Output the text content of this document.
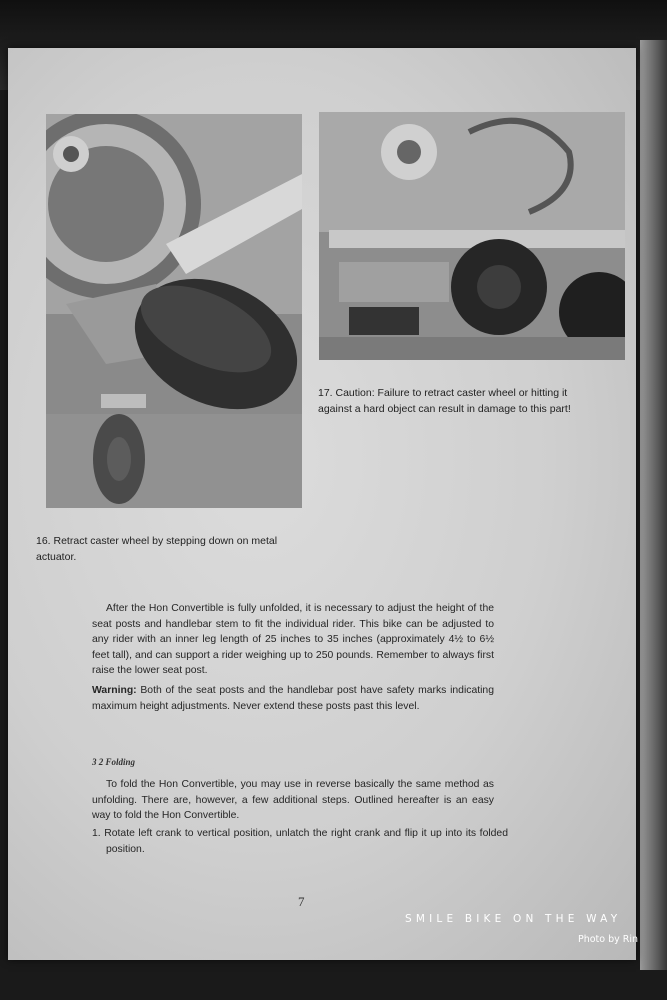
17. Caution: Failure to retract caster wheel or hitting it against a hard object can result in damage to this part!
16. Retract caster wheel by stepping down on metal actuator.
After the Hon Convertible is fully unfolded, it is necessary to adjust the height of the seat posts and handlebar stem to fit the individual rider. This bike can be adjusted to any rider with an inner leg length of 25 inches to 35 inches (approximately 4½ to 6½ feet tall), and can support a rider weighing up to 250 pounds. Remember to always first raise the lower seat post.
Warning: Both of the seat posts and the handlebar post have safety marks indicating maximum height adjustments. Never extend these posts past this level.
3 2 Folding
To fold the Hon Convertible, you may use in reverse basically the same method as unfolding. There are, however, a few additional steps. Outlined hereafter is an easy way to fold the Hon Convertible.
1. Rotate left crank to vertical position, unlatch the right crank and flip it up into its folded position.
7
SMILE BIKE ON THE WAY
Photo by Rin
